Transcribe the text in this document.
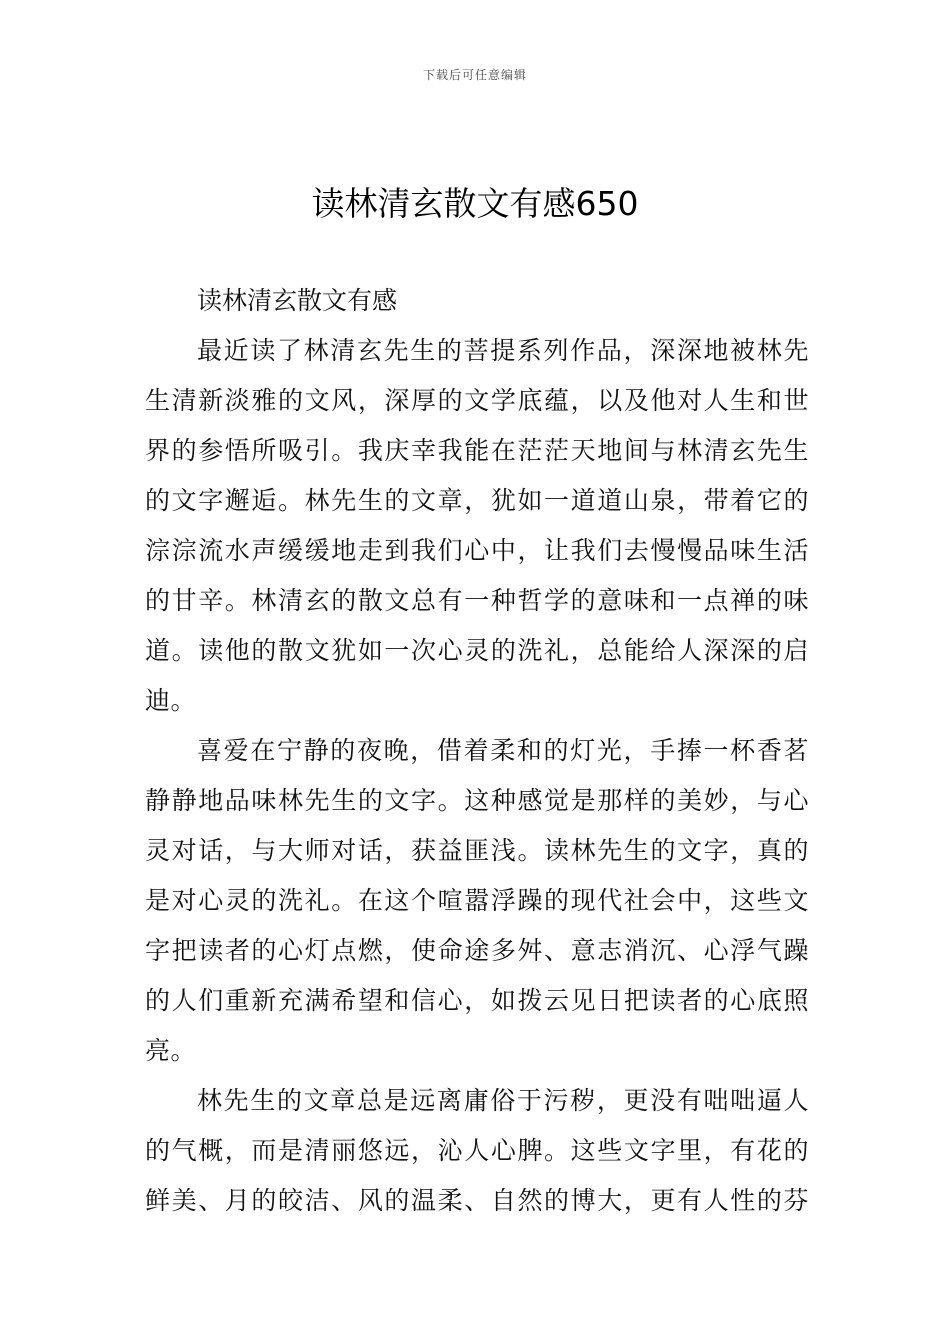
下载后可任意编辑
读林清玄散文有感650

读林清玄散文有感

最近读了林清玄先生的菩提系列作品，深深地被林先
生清新淡雅的文风，深厚的文学底蕴，以及他对人生和世
界的参悟所吸引。我庆幸我能在茫茫天地间与林清玄先生
的文字邂逅。林先生的文章，犹如一道道山泉，带着它的
淙淙流水声缓缓地走到我们心中，让我们去慢慢品味生活
的甘辛。林清玄的散文总有一种哲学的意味和一点禅的味
道。读他的散文犹如一次心灵的洗礼，总能给人深深的启
迪。

喜爱在宁静的夜晚，借着柔和的灯光，手捧一杯香茗
静静地品味林先生的文字。这种感觉是那样的美妙，与心
灵对话，与大师对话，获益匪浅。读林先生的文字，真的
是对心灵的洗礼。在这个喧嚣浮躁的现代社会中，这些文
字把读者的心灯点燃，使命途多舛、意志消沉、心浮气躁
的人们重新充满希望和信心，如拨云见日把读者的心底照
亮。

林先生的文章总是远离庸俗于污秽，更没有咄咄逼人
的气概，而是清丽悠远，沁人心脾。这些文字里，有花的
鲜美、月的皎洁、风的温柔、自然的博大，更有人性的芬
